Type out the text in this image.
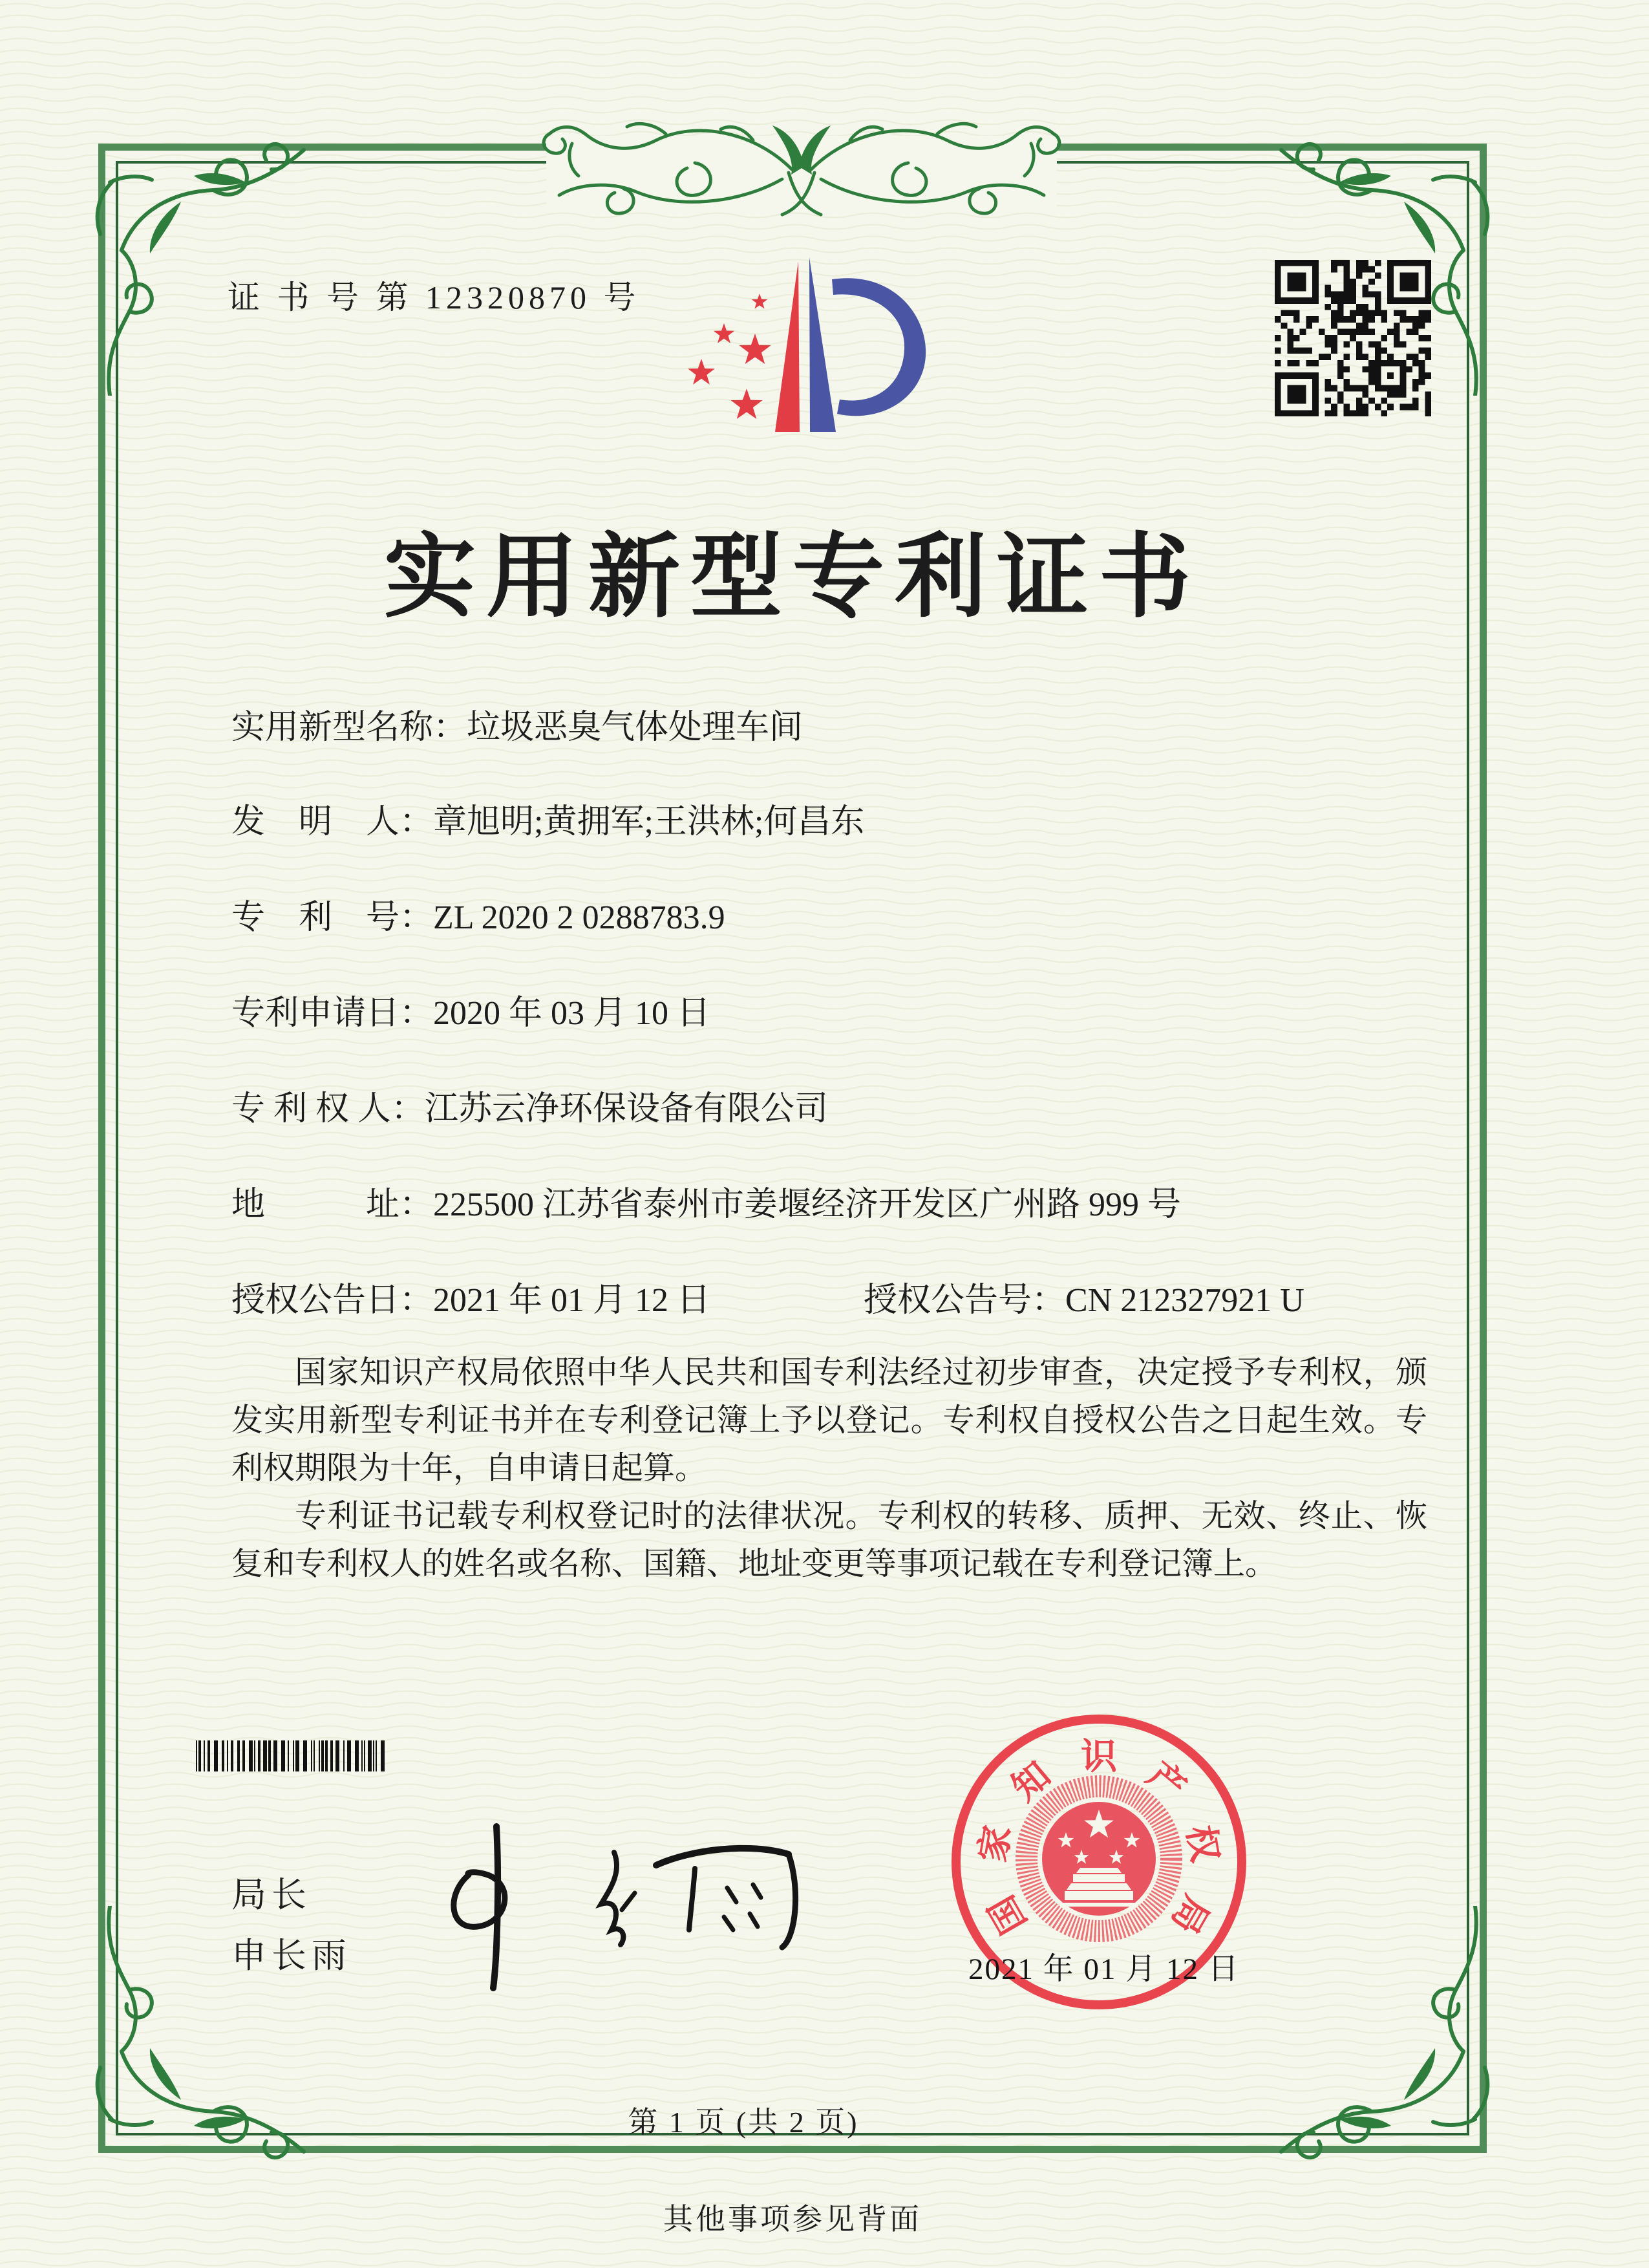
证 书 号 第 12320870 号
实用新型专利证书
实用新型名称：垃圾恶臭气体处理车间
发　明　人：章旭明;黄拥军;王洪林;何昌东
专　利　号：ZL 2020 2 0288783.9
专利申请日：2020 年 03 月 10 日
专 利 权 人：江苏云净环保设备有限公司
地　　　址：225500 江苏省泰州市姜堰经济开发区广州路 999 号
授权公告日：2021 年 01 月 12 日	授权公告号：CN 212327921 U

国家知识产权局依照中华人民共和国专利法经过初步审查，决定授予专利权，颁发实用新型专利证书并在专利登记簿上予以登记。专利权自授权公告之日起生效。专利权期限为十年，自申请日起算。

专利证书记载专利权登记时的法律状况。专利权的转移、质押、无效、终止、恢复和专利权人的姓名或名称、国籍、地址变更等事项记载在专利登记簿上。

局长
申长雨
国
家
知 识 产
权
局
2021 年 01 月 12 日
第 1 页 (共 2 页)
其他事项参见背面
